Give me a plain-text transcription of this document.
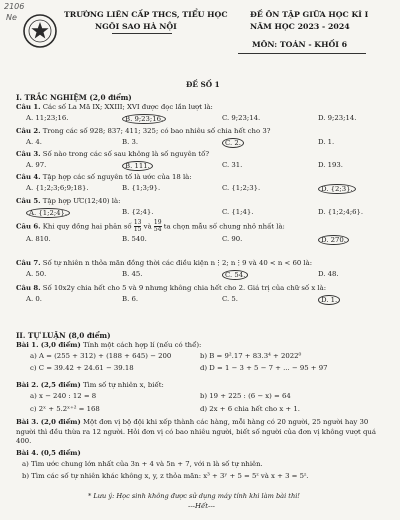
2106
Ne	TRƯỜNG LIÊN CẤP THCS, TIỂU HỌC
NGÔI SAO HÀ NỘI
ĐỀ ÔN TẬP GIỮA HỌC KÌ I
NĂM HỌC 2023 - 2024
MÔN: TOÁN - KHỐI 6
ĐỀ SỐ 1
I. TRẮC NGHIỆM (2,0 điểm)
Câu 1. Các số La Mã IX; XXIII; XVI được đọc lần lượt là:
A. 11;23;16.	B. 9;23;16.	C. 9;23;14.	D. 9;23;14.
Câu 2. Trong các số 928; 837; 411; 325; có bao nhiêu số chia hết cho 3?
A. 4.	B. 3.	C. 2.	D. 1.
Câu 3. Số nào trong các số sau không là số nguyên tố?
A. 97.	B. 111.	C. 31.	D. 193.
Câu 4. Tập hợp các số nguyên tố là ước của 18 là:
A. {1;2;3;6;9;18}.	B. {1;3;9}.	C. {1;2;3}.	D. {2;3}.
Câu 5. Tập hợp ƯC(12;40) là:
A. {1;2;4}.	B. {2;4}.	C. {1;4}.	D. {1;2;4;6}.
Câu 6. Khi quy đồng hai phân số $\frac{13}{15}$ và $\frac{19}{54}$ ta chọn mẫu số chung nhỏ nhất là:
A. 810.	B. 540.	C. 90.	D. 270.
Câu 7. Số tự nhiên n thỏa mãn đồng thời các điều kiện n⋮2; n⋮9 và 40 < n < 60 là:
A. 50.	B. 45.	C. 54.	D. 48.
Câu 8. Số 10x2y chia hết cho 5 và 9 nhưng không chia hết cho 2. Giá trị của chữ số x là:
A. 0.	B. 6.	C. 5.	D. 1.
II. TỰ LUẬN (8,0 điểm)
Bài 1. (3,0 điểm) Tính một cách hợp lí (nếu có thể):
a) A = (255 + 312) + (188 + 645) − 200	b) B = 9².17 + 83.3⁴ + 2022⁰
c) C = 39.42 + 24.61 − 39.18	d) D = 1 − 3 + 5 − 7 + ... − 95 + 97
Bài 2. (2,5 điểm) Tìm số tự nhiên x, biết:
a) x − 240 : 12 = 8	b) 19 + 225 : (6 − x) = 64
c) 2ˣ + 5.2ˣ⁺² = 168	d) 2x + 6 chia hết cho x + 1.
Bài 3. (2,0 điểm) Một đơn vị bộ đội khi xếp thành các hàng, mỗi hàng có 20 người, 25 người hay 30 người thì đều thừa ra 12 người. Hỏi đơn vị có bao nhiêu người, biết số người của đơn vị không vượt quá 400.
Bài 4. (0,5 điểm)
a) Tìm ước chung lớn nhất của 3n + 4 và 5n + 7, với n là số tự nhiên.
b) Tìm các số tự nhiên khác không x, y, z thỏa mãn: x³ + 3ʸ + 5 = 5ᶻ và x + 3 = 5ᶻ.
* Lưu ý: Học sinh không được sử dụng máy tính khi làm bài thi!
---Hết---
